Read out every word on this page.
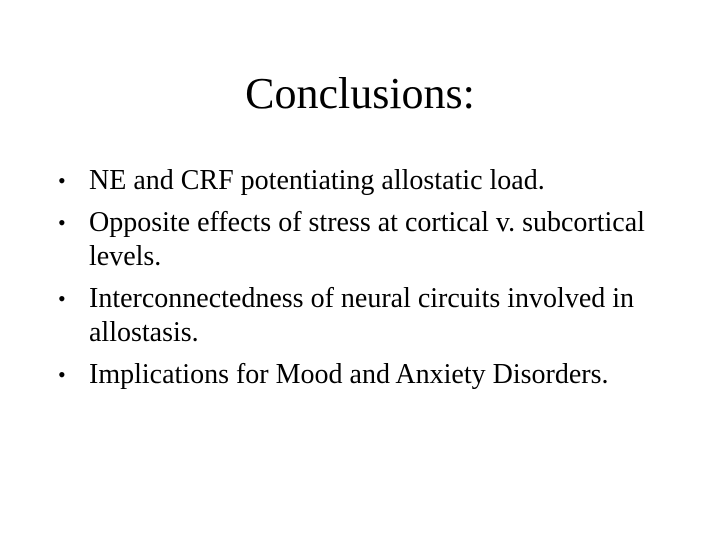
Conclusions:
• NE and CRF potentiating allostatic load.
• Opposite effects of stress at cortical v. subcortical levels.
• Interconnectedness of neural circuits involved in allostasis.
• Implications for Mood and Anxiety Disorders.
